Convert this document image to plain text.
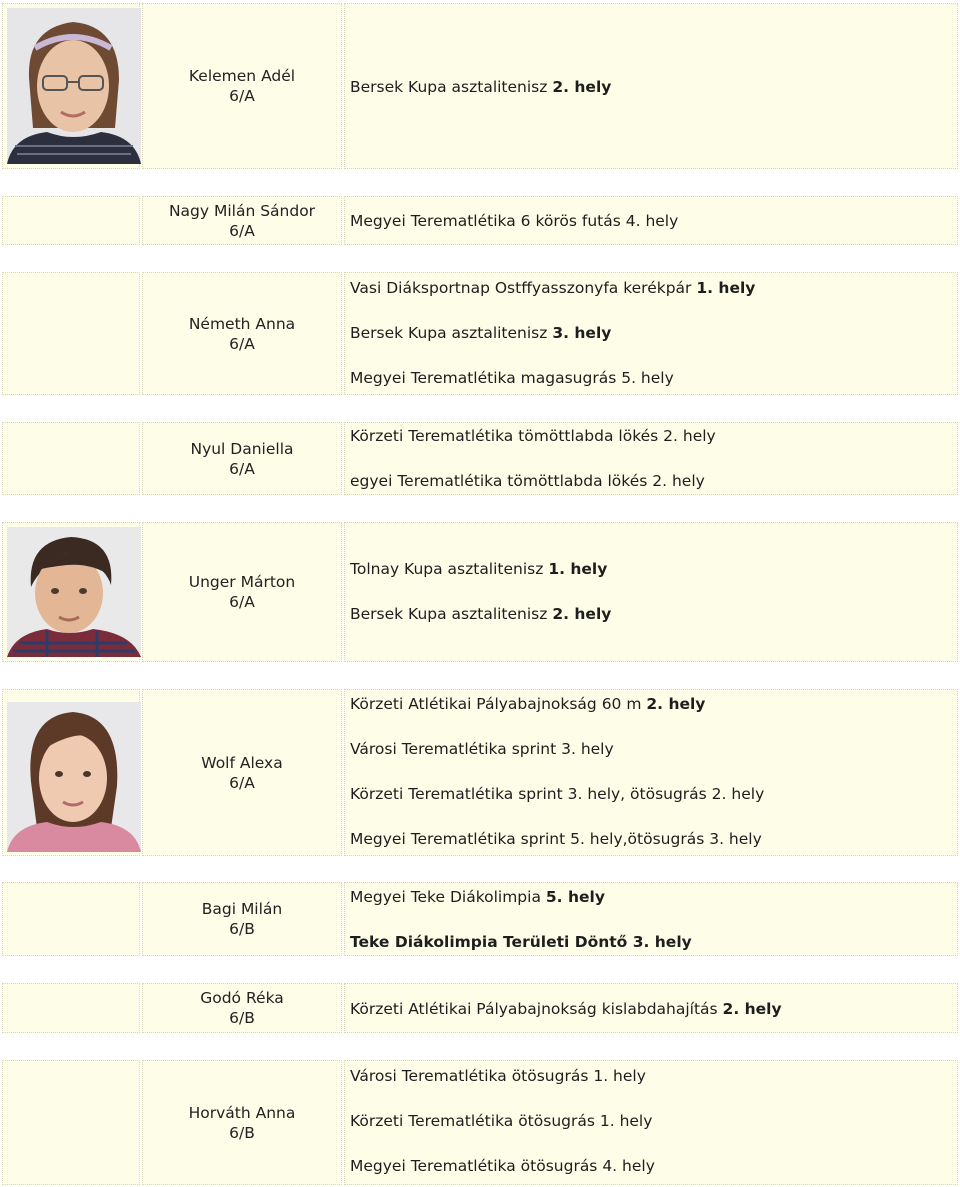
Kelemen Adél
6/A	Bersek Kupa asztalitenisz 2. hely
Nagy Milán Sándor
6/A
Megyei Terematlétika 6 körös futás 4. hely
Németh Anna
6/A
Vasi Diáksportnap Ostffyasszonyfa kerékpár 1. hely
Bersek Kupa asztalitenisz 3. hely
Megyei Terematlétika magasugrás 5. hely
Nyul Daniella
6/A
Körzeti Terematlétika tömöttlabda lökés 2. hely
egyei Terematlétika tömöttlabda lökés 2. hely
Unger Márton
6/A
Tolnay Kupa asztalitenisz 1. hely
Bersek Kupa asztalitenisz 2. hely
Wolf Alexa
6/A
Körzeti Atlétikai Pályabajnokság 60 m 2. hely
Városi Terematlétika sprint 3. hely
Körzeti Terematlétika sprint 3. hely, ötösugrás 2. hely
Megyei Terematlétika sprint 5. hely,ötösugrás 3. hely
Bagi Milán
6/B
Megyei Teke Diákolimpia 5. hely
Teke Diákolimpia Területi Döntő 3. hely
Godó Réka
6/B	Körzeti Atlétikai Pályabajnokság kislabdahajítás 2. hely
Horváth Anna
6/B
Városi Terematlétika ötösugrás 1. hely
Körzeti Terematlétika ötösugrás 1. hely
Megyei Terematlétika ötösugrás 4. hely
